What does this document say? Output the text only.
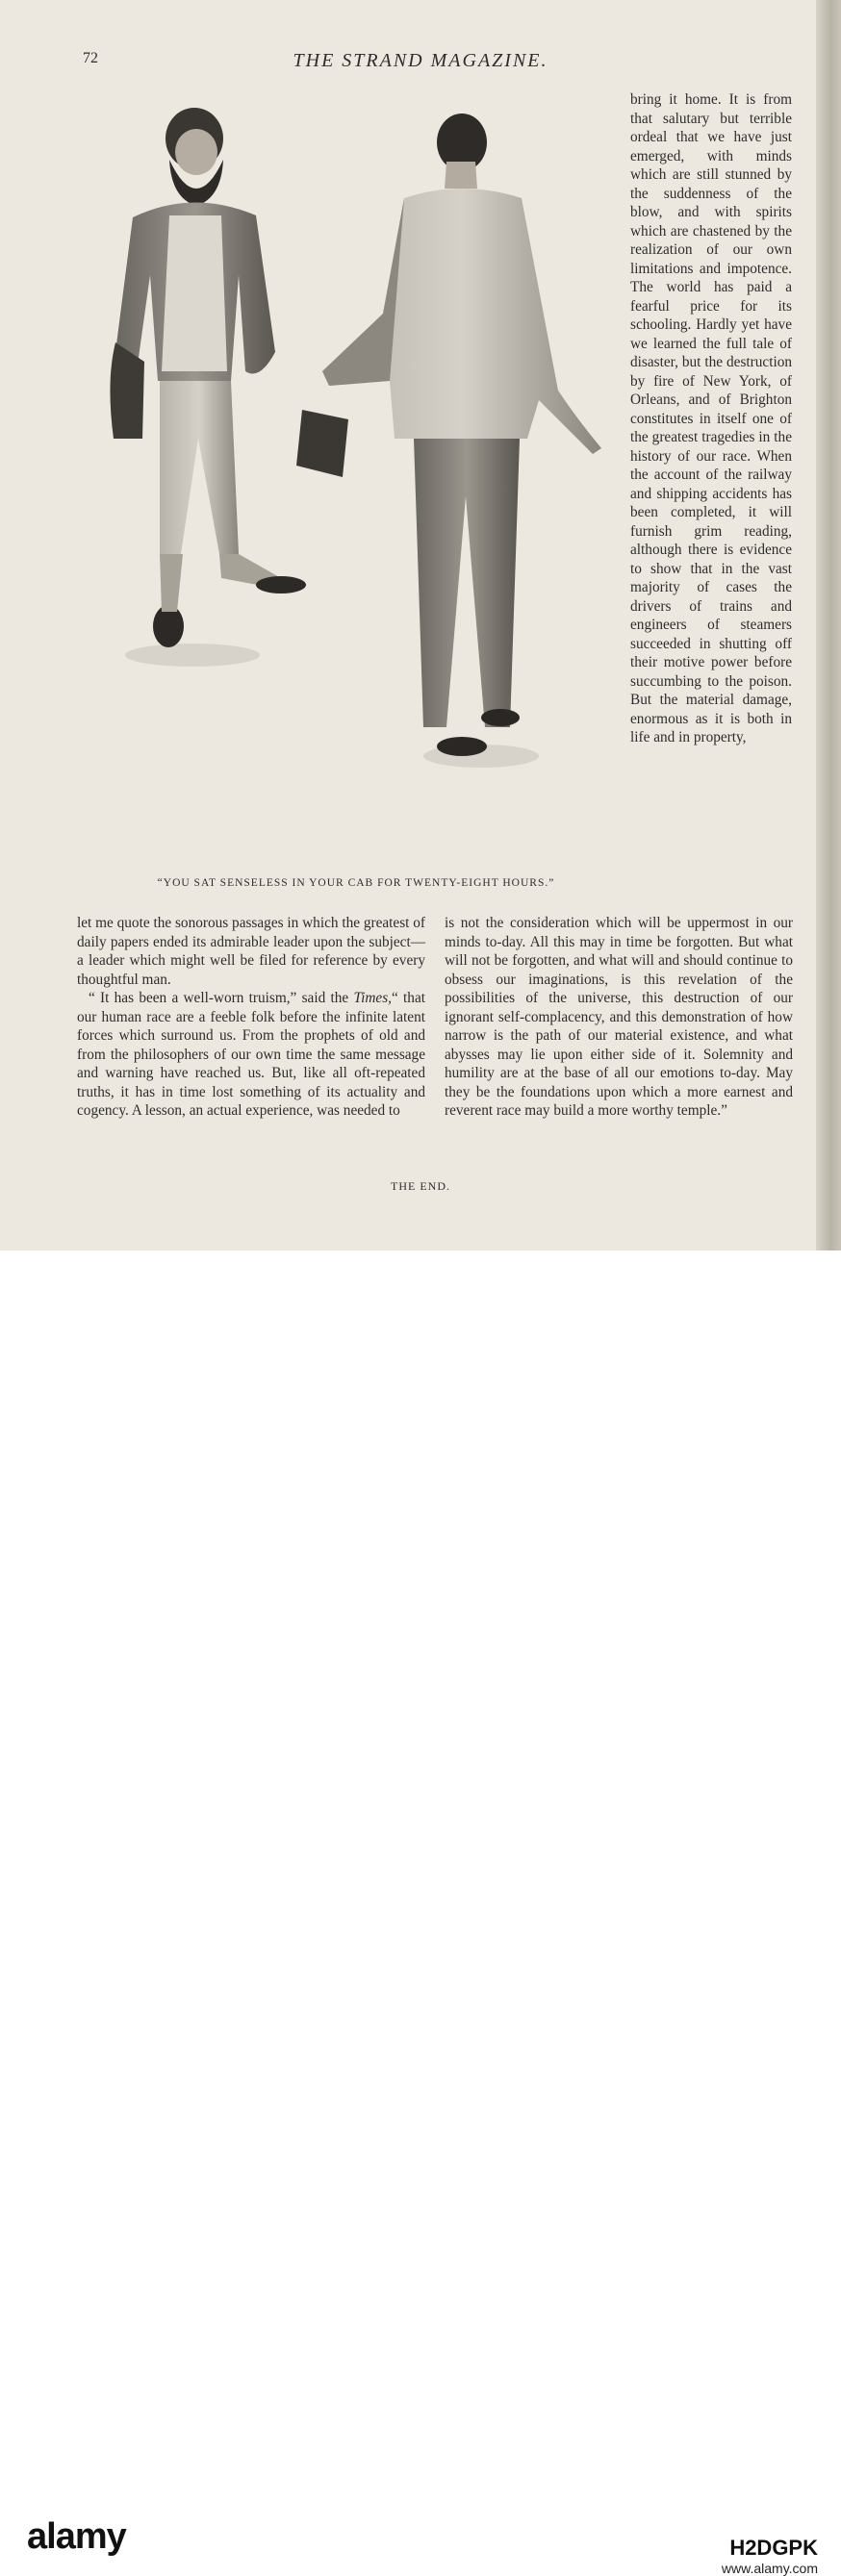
72	THE STRAND MAGAZINE.
“YOU SAT SENSELESS IN YOUR CAB FOR TWENTY-EIGHT HOURS.”

bring it home. It is from that salutary but terrible ordeal that we have just emerged, with minds which are still stunned by the suddenness of the blow, and with spirits which are chastened by the realization of our own limitations and impotence. The world has paid a fearful price for its schooling. Hardly yet have we learned the full tale of disaster, but the destruction by fire of New York, of Orleans, and of Brighton constitutes in itself one of the greatest tragedies in the history of our race. When the account of the railway and shipping accidents has been completed, it will furnish grim reading, although there is evidence to show that in the vast majority of cases the drivers of trains and engineers of steamers succeeded in shutting off their motive power before succumbing to the poison. But the material damage, enormous as it is both in life and in property,

let me quote the sonorous passages in which the greatest of daily papers ended its admirable leader upon the subject—a leader which might well be filed for reference by every thoughtful man.

“ It has been a well-worn truism,” said the Times,“ that our human race are a feeble folk before the infinite latent forces which surround us. From the prophets of old and from the philosophers of our own time the same message and warning have reached us. But, like all oft-repeated truths, it has in time lost something of its actuality and cogency. A lesson, an actual experience, was needed to

is not the consideration which will be uppermost in our minds to-day. All this may in time be forgotten. But what will not be forgotten, and what will and should continue to obsess our imaginations, is this revelation of the possibilities of the universe, this destruction of our ignorant self-complacency, and this demonstration of how narrow is the path of our material existence, and what abysses may lie upon either side of it. Solemnity and humility are at the base of all our emotions to-day. May they be the foundations upon which a more earnest and reverent race may build a more worthy temple.”

THE END.
alamy	H2DGPK
www.alamy.com
